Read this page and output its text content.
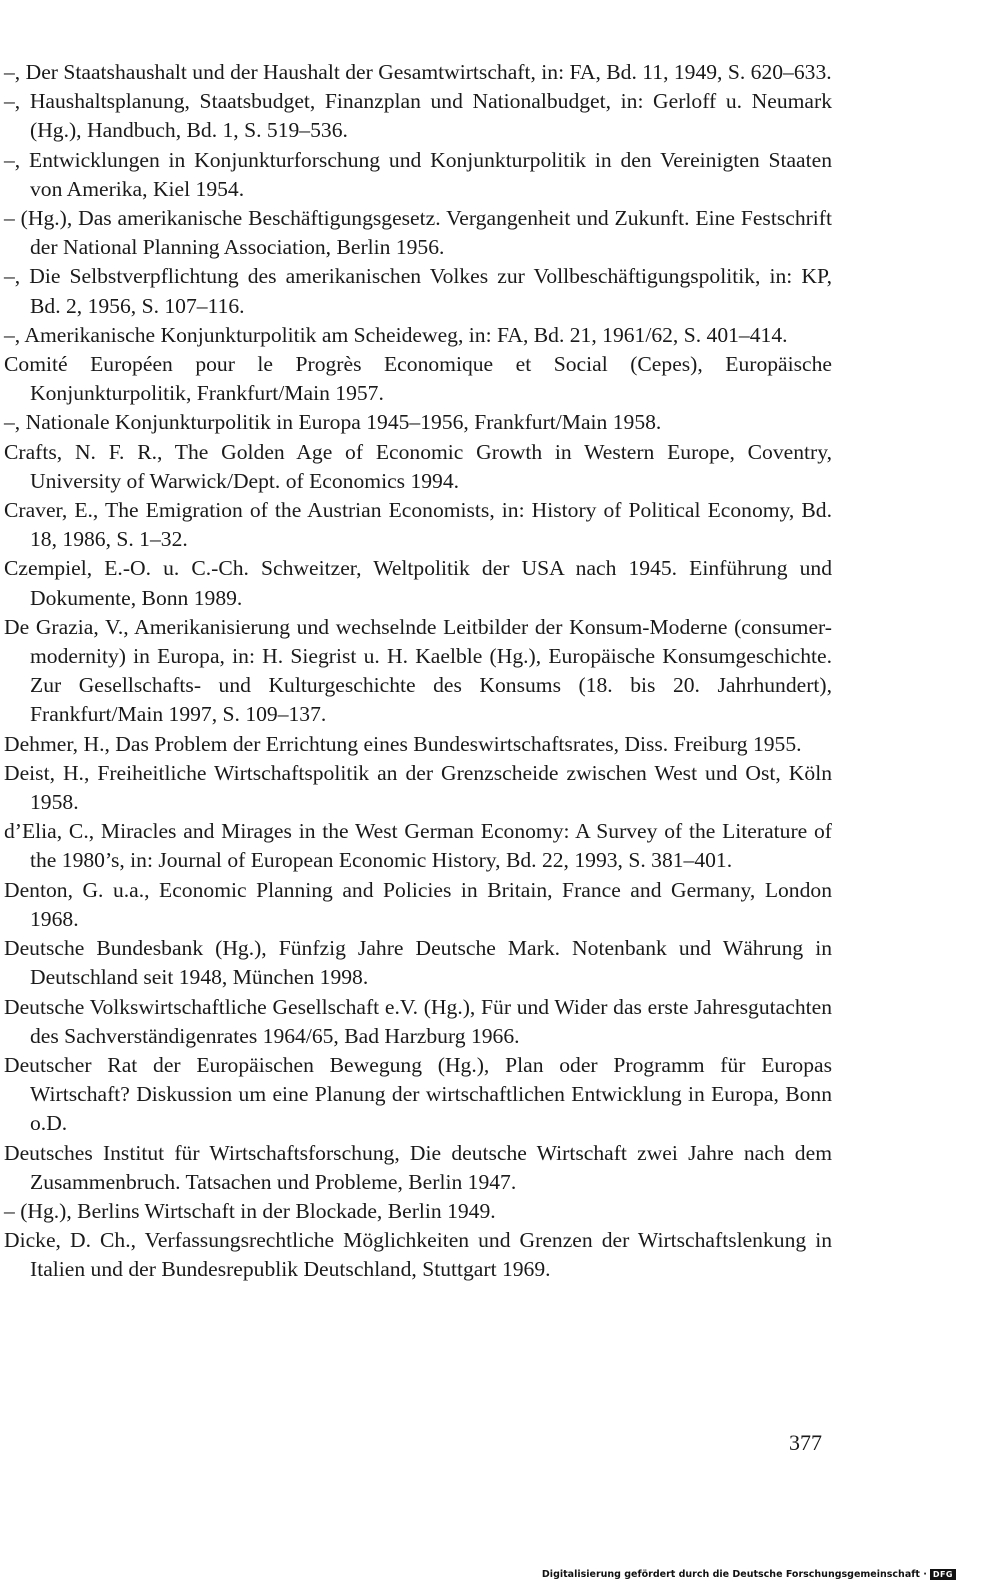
–, Der Staatshaushalt und der Haushalt der Gesamtwirtschaft, in: FA, Bd. 11, 1949, S. 620–633.
–, Haushaltsplanung, Staatsbudget, Finanzplan und Nationalbudget, in: Gerloff u. Neumark (Hg.), Handbuch, Bd. 1, S. 519–536.
–, Entwicklungen in Konjunkturforschung und Konjunkturpolitik in den Vereinigten Staaten von Amerika, Kiel 1954.
– (Hg.), Das amerikanische Beschäftigungsgesetz. Vergangenheit und Zukunft. Eine Festschrift der National Planning Association, Berlin 1956.
–, Die Selbstverpflichtung des amerikanischen Volkes zur Vollbeschäftigungspolitik, in: KP, Bd. 2, 1956, S. 107–116.
–, Amerikanische Konjunkturpolitik am Scheideweg, in: FA, Bd. 21, 1961/62, S. 401–414.
Comité Européen pour le Progrès Economique et Social (Cepes), Europäische Konjunkturpolitik, Frankfurt/Main 1957.
–, Nationale Konjunkturpolitik in Europa 1945–1956, Frankfurt/Main 1958.
Crafts, N. F. R., The Golden Age of Economic Growth in Western Europe, Coventry, University of Warwick/Dept. of Economics 1994.
Craver, E., The Emigration of the Austrian Economists, in: History of Political Economy, Bd. 18, 1986, S. 1–32.
Czempiel, E.-O. u. C.-Ch. Schweitzer, Weltpolitik der USA nach 1945. Einführung und Dokumente, Bonn 1989.
De Grazia, V., Amerikanisierung und wechselnde Leitbilder der Konsum-Moderne (consumer-modernity) in Europa, in: H. Siegrist u. H. Kaelble (Hg.), Europäische Konsumgeschichte. Zur Gesellschafts- und Kulturgeschichte des Konsums (18. bis 20. Jahrhundert), Frankfurt/Main 1997, S. 109–137.
Dehmer, H., Das Problem der Errichtung eines Bundeswirtschaftsrates, Diss. Freiburg 1955.
Deist, H., Freiheitliche Wirtschaftspolitik an der Grenzscheide zwischen West und Ost, Köln 1958.
d’Elia, C., Miracles and Mirages in the West German Economy: A Survey of the Literature of the 1980’s, in: Journal of European Economic History, Bd. 22, 1993, S. 381–401.
Denton, G. u.a., Economic Planning and Policies in Britain, France and Germany, London 1968.
Deutsche Bundesbank (Hg.), Fünfzig Jahre Deutsche Mark. Notenbank und Währung in Deutschland seit 1948, München 1998.
Deutsche Volkswirtschaftliche Gesellschaft e.V. (Hg.), Für und Wider das erste Jahresgutachten des Sachverständigenrates 1964/65, Bad Harzburg 1966.
Deutscher Rat der Europäischen Bewegung (Hg.), Plan oder Programm für Europas Wirtschaft? Diskussion um eine Planung der wirtschaftlichen Entwicklung in Europa, Bonn o.D.
Deutsches Institut für Wirtschaftsforschung, Die deutsche Wirtschaft zwei Jahre nach dem Zusammenbruch. Tatsachen und Probleme, Berlin 1947.
– (Hg.), Berlins Wirtschaft in der Blockade, Berlin 1949.
Dicke, D. Ch., Verfassungsrechtliche Möglichkeiten und Grenzen der Wirtschaftslenkung in Italien und der Bundesrepublik Deutschland, Stuttgart 1969.
377
Digitalisierung gefördert durch die Deutsche Forschungsgemeinschaft · DFG
